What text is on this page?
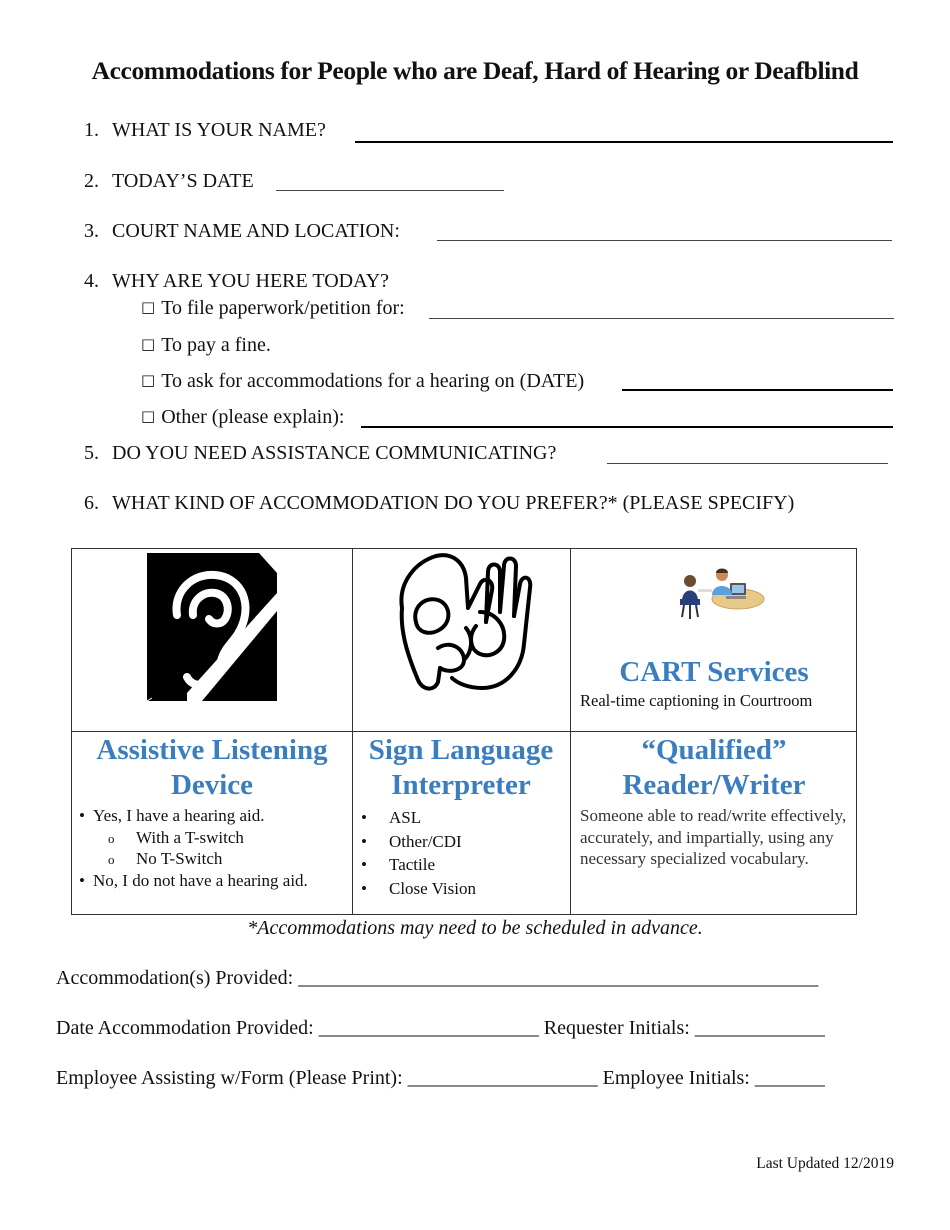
Accommodations for People who are Deaf, Hard of Hearing or Deafblind
1. WHAT IS YOUR NAME?
2. TODAY’S DATE
3. COURT NAME AND LOCATION:
4. WHY ARE YOU HERE TODAY?
□ To file paperwork/petition for:
□ To pay a fine.
□ To ask for accommodations for a hearing on (DATE)
□ Other (please explain):
5. DO YOU NEED ASSISTANCE COMMUNICATING?
6. WHAT KIND OF ACCOMMODATION DO YOU PREFER?* (PLEASE SPECIFY)
CART Services
Real-time captioning in Courtroom
Assistive Listening
Device
• Yes, I have a hearing aid.
o With a T-switch
o No T-Switch
• No, I do not have a hearing aid.
Sign Language
Interpreter
• ASL
• Other/CDI
• Tactile
• Close Vision
“Qualified”
Reader/Writer
Someone able to read/write effectively, accurately, and impartially, using any necessary specialized vocabulary.
*Accommodations may need to be scheduled in advance.
Accommodation(s) Provided: ____________________________________________________
Date Accommodation Provided: ______________________ Requester Initials: _____________
Employee Assisting w/Form (Please Print): ___________________ Employee Initials: _______
Last Updated 12/2019
